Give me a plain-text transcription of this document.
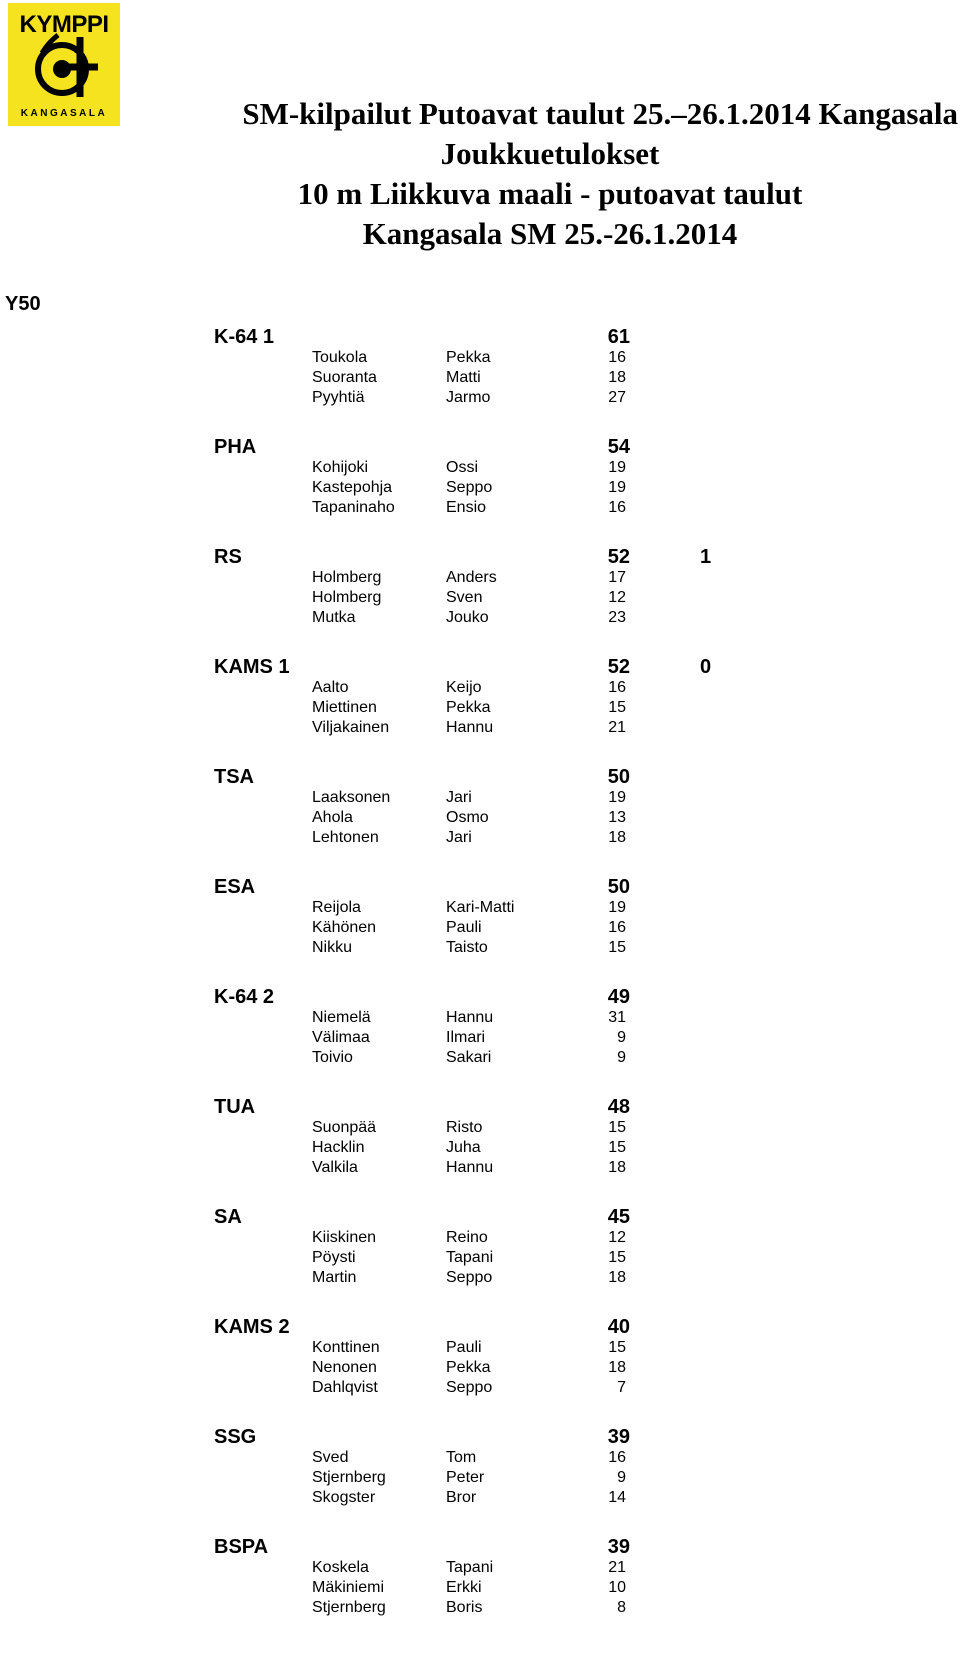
KYMPPI
KANGASALA	SM-kilpailut Putoavat taulut 25.–26.1.2014 Kangasala
Joukkuetulokset
10 m Liikkuva maali - putoavat taulut
Kangasala SM 25.-26.1.2014
Y50
K-64 1	61
Toukola	Pekka	16
Suoranta	Matti	18
Pyyhtiä	Jarmo	27
PHA	54
Kohijoki	Ossi	19
Kastepohja	Seppo	19
Tapaninaho	Ensio	16
RS	52	1
Holmberg	Anders	17
Holmberg	Sven	12
Mutka	Jouko	23
KAMS 1	52	0
Aalto	Keijo	16
Miettinen	Pekka	15
Viljakainen	Hannu	21
TSA	50
Laaksonen	Jari	19
Ahola	Osmo	13
Lehtonen	Jari	18
ESA	50
Reijola	Kari-Matti	19
Kähönen	Pauli	16
Nikku	Taisto	15
K-64 2	49
Niemelä	Hannu	31
Välimaa	Ilmari	9
Toivio	Sakari	9
TUA	48
Suonpää	Risto	15
Hacklin	Juha	15
Valkila	Hannu	18
SA	45
Kiiskinen	Reino	12
Pöysti	Tapani	15
Martin	Seppo	18
KAMS 2	40
Konttinen	Pauli	15
Nenonen	Pekka	18
Dahlqvist	Seppo	7
SSG	39
Sved	Tom	16
Stjernberg	Peter	9
Skogster	Bror	14
BSPA	39
Koskela	Tapani	21
Mäkiniemi	Erkki	10
Stjernberg	Boris	8
